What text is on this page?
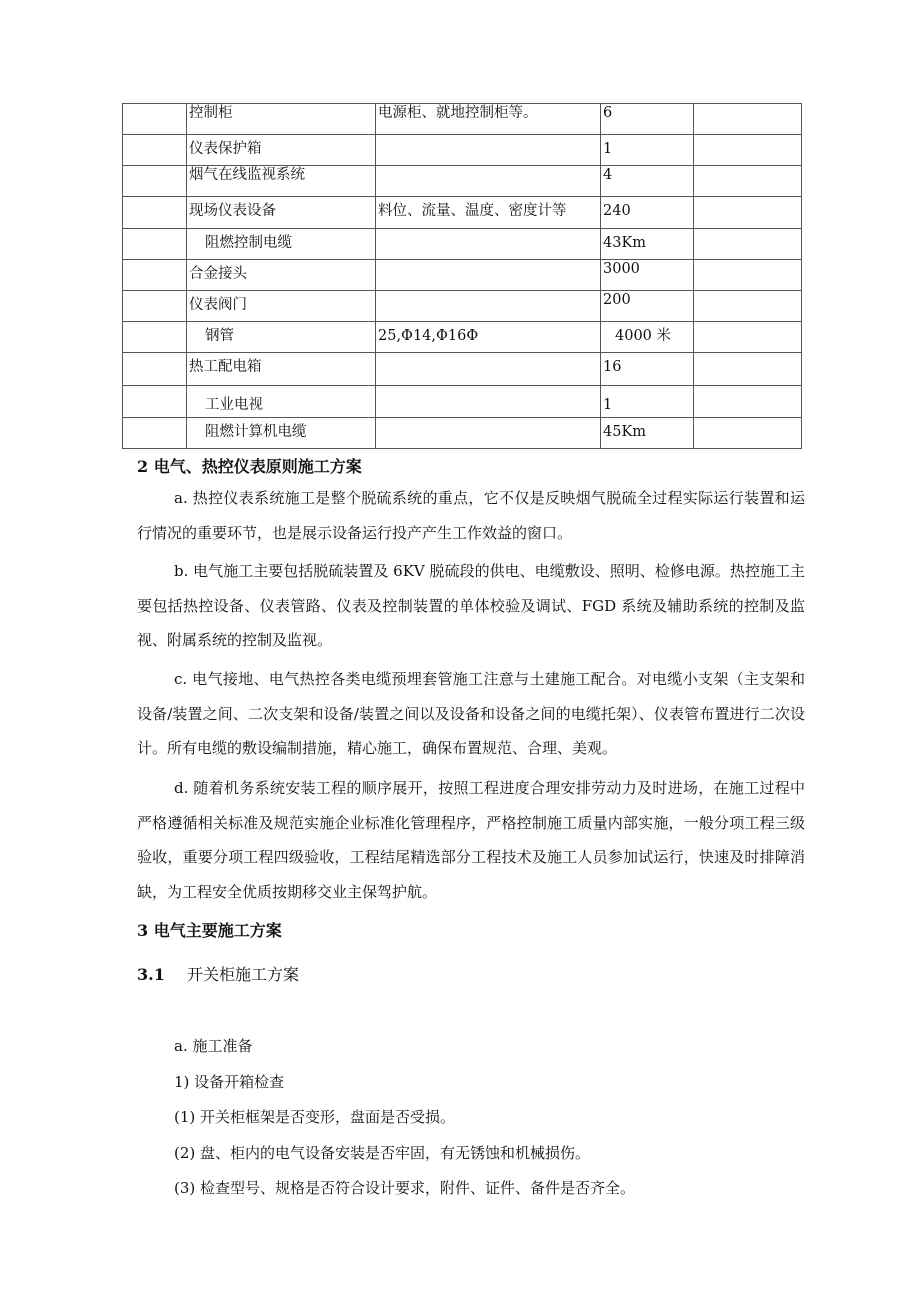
	控制柜	电源柜、就地控制柜等。	6	
	仪表保护箱		1	
	烟气在线监视系统		4	
	现场仪表设备	料位、流量、温度、密度计等	240	
	阻燃控制电缆		43Km	
	合金接头		3000	
	仪表阀门		200	
	钢管	25,Φ14,Φ16Φ	4000 米	
	热工配电箱		16	
	工业电视		1	
	阻燃计算机电缆		45Km	
2 电气、热控仪表原则施工方案

a. 热控仪表系统施工是整个脱硫系统的重点，它不仅是反映烟气脱硫全过程实际运行装置和运行情况的重要环节，也是展示设备运行投产产生工作效益的窗口。

b. 电气施工主要包括脱硫装置及 6KV 脱硫段的供电、电缆敷设、照明、检修电源。热控施工主要包括热控设备、仪表管路、仪表及控制装置的单体校验及调试、FGD 系统及辅助系统的控制及监视、附属系统的控制及监视。

c. 电气接地、电气热控各类电缆预埋套管施工注意与土建施工配合。对电缆小支架（主支架和设备/装置之间、二次支架和设备/装置之间以及设备和设备之间的电缆托架）、仪表管布置进行二次设计。所有电缆的敷设编制措施，精心施工，确保布置规范、合理、美观。

d. 随着机务系统安装工程的顺序展开，按照工程进度合理安排劳动力及时进场，在施工过程中严格遵循相关标准及规范实施企业标准化管理程序，严格控制施工质量内部实施，一般分项工程三级验收，重要分项工程四级验收，工程结尾精选部分工程技术及施工人员参加试运行，快速及时排障消缺，为工程安全优质按期移交业主保驾护航。

3 电气主要施工方案
3.1 开关柜施工方案
a. 施工准备
1) 设备开箱检查
(1) 开关柜框架是否变形，盘面是否受损。
(2) 盘、柜内的电气设备安装是否牢固，有无锈蚀和机械损伤。
(3) 检查型号、规格是否符合设计要求，附件、证件、备件是否齐全。
